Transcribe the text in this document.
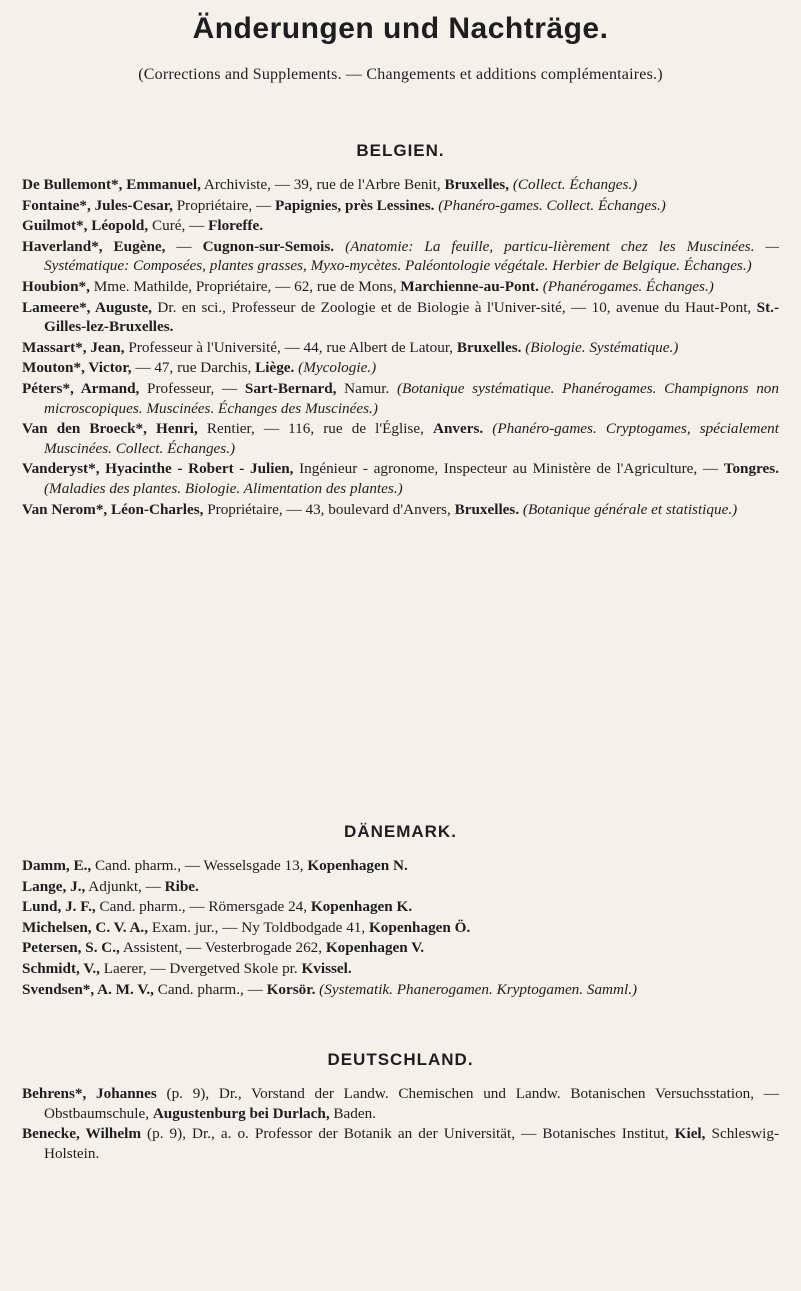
Änderungen und Nachträge.
(Corrections and Supplements. — Changements et additions complémentaires.)
BELGIEN.

De Bullemont*, Emmanuel, Archiviste, — 39, rue de l'Arbre Benit, Bruxelles, (Collect. Échanges.)

Fontaine*, Jules-Cesar, Propriétaire, — Papignies, près Lessines. (Phanéro-games. Collect. Échanges.)

Guilmot*, Léopold, Curé, — Floreffe.

Haverland*, Eugène, — Cugnon-sur-Semois. (Anatomie: La feuille, particu-lièrement chez les Muscinées. — Systématique: Composées, plantes grasses, Myxo-mycètes. Paléontologie végétale. Herbier de Belgique. Échanges.)

Houbion*, Mme. Mathilde, Propriétaire, — 62, rue de Mons, Marchienne-au-Pont. (Phanérogames. Échanges.)

Lameere*, Auguste, Dr. en sci., Professeur de Zoologie et de Biologie à l'Univer-sité, — 10, avenue du Haut-Pont, St.-Gilles-lez-Bruxelles.

Massart*, Jean, Professeur à l'Université, — 44, rue Albert de Latour, Bruxelles. (Biologie. Systématique.)

Mouton*, Victor, — 47, rue Darchis, Liège. (Mycologie.)

Péters*, Armand, Professeur, — Sart-Bernard, Namur. (Botanique systématique. Phanérogames. Champignons non microscopiques. Muscinées. Échanges des Muscinées.)

Van den Broeck*, Henri, Rentier, — 116, rue de l'Église, Anvers. (Phanéro-games. Cryptogames, spécialement Muscinées. Collect. Échanges.)

Vanderyst*, Hyacinthe - Robert - Julien, Ingénieur - agronome, Inspecteur au Ministère de l'Agriculture, — Tongres. (Maladies des plantes. Biologie. Alimentation des plantes.)

Van Nerom*, Léon-Charles, Propriétaire, — 43, boulevard d'Anvers, Bruxelles. (Botanique générale et statistique.)

DÄNEMARK.

Damm, E., Cand. pharm., — Wesselsgade 13, Kopenhagen N.

Lange, J., Adjunkt, — Ribe.

Lund, J. F., Cand. pharm., — Römersgade 24, Kopenhagen K.

Michelsen, C. V. A., Exam. jur., — Ny Toldbodgade 41, Kopenhagen Ö.

Petersen, S. C., Assistent, — Vesterbrogade 262, Kopenhagen V.

Schmidt, V., Laerer, — Dvergetved Skole pr. Kvissel.

Svendsen*, A. M. V., Cand. pharm., — Korsör. (Systematik. Phanerogamen. Kryptogamen. Samml.)

DEUTSCHLAND.

Behrens*, Johannes (p. 9), Dr., Vorstand der Landw. Chemischen und Landw. Botanischen Versuchsstation, — Obstbaumschule, Augustenburg bei Durlach, Baden.

Benecke, Wilhelm (p. 9), Dr., a. o. Professor der Botanik an der Universität, — Botanisches Institut, Kiel, Schleswig-Holstein.
